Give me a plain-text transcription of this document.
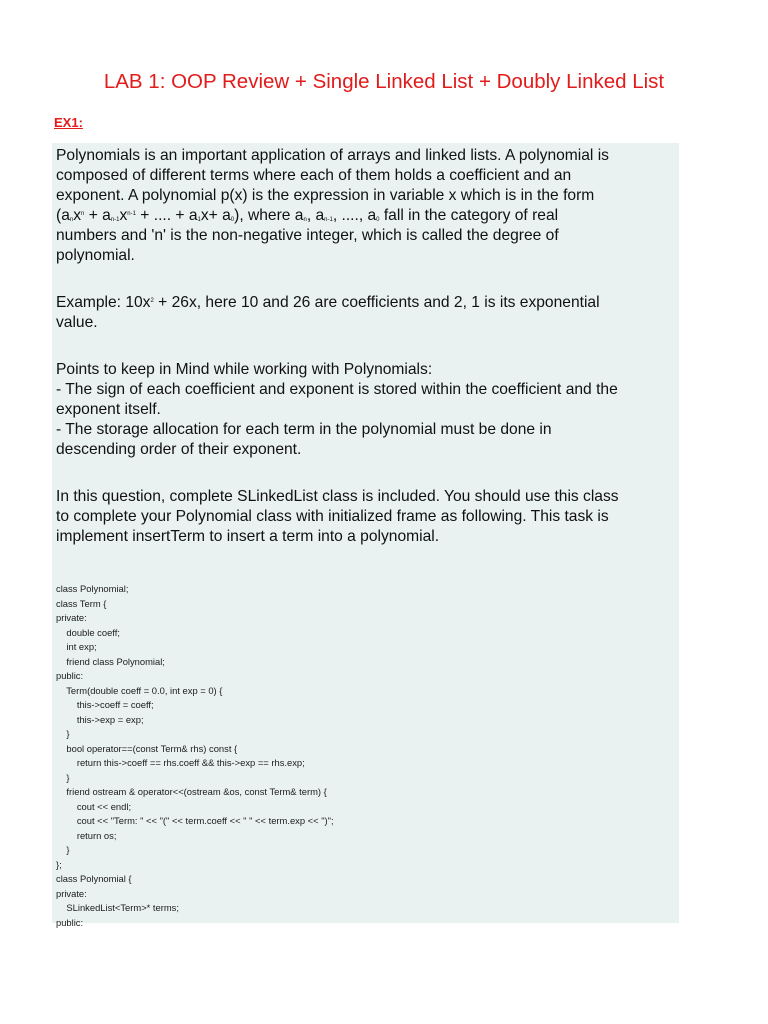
LAB 1: OOP Review + Single Linked List + Doubly Linked List
EX1:

Polynomials is an important application of arrays and linked lists. A polynomial is

composed of different terms where each of them holds a coefficient and an

exponent. A polynomial p(x) is the expression in variable x which is in the form

($a_nx^n + a_{n-1}x^{n-1}$ + .... + $a_1x+ a_0$), where $a_n$, $a_{n-1}$, ...., $a_0$ fall in the category of real

numbers and 'n' is the non-negative integer, which is called the degree of

polynomial.

Example: $10x^2 + 26x$, here 10 and 26 are coefficients and 2, 1 is its exponential

value.

Points to keep in Mind while working with Polynomials:

- The sign of each coefficient and exponent is stored within the coefficient and the

exponent itself.

- The storage allocation for each term in the polynomial must be done in

descending order of their exponent.

In this question, complete SLinkedList class is included. You should use this class

to complete your Polynomial class with initialized frame as following. This task is

implement insertTerm to insert a term into a polynomial.

class Polynomial;
class Term {
private:
double coeff;
int exp;
friend class Polynomial;
public:
Term(double coeff = 0.0, int exp = 0) {
this->coeff = coeff;
this->exp = exp;
}
bool operator==(const Term& rhs) const {
return this->coeff == rhs.coeff && this->exp == rhs.exp;
}
friend ostream & operator<<(ostream &os, const Term& term) {
cout << endl;
cout << "Term: " << "(" << term.coeff << " " << term.exp << ")";
return os;
}
};
class Polynomial {
private:
SLinkedList<Term>* terms;
public:
